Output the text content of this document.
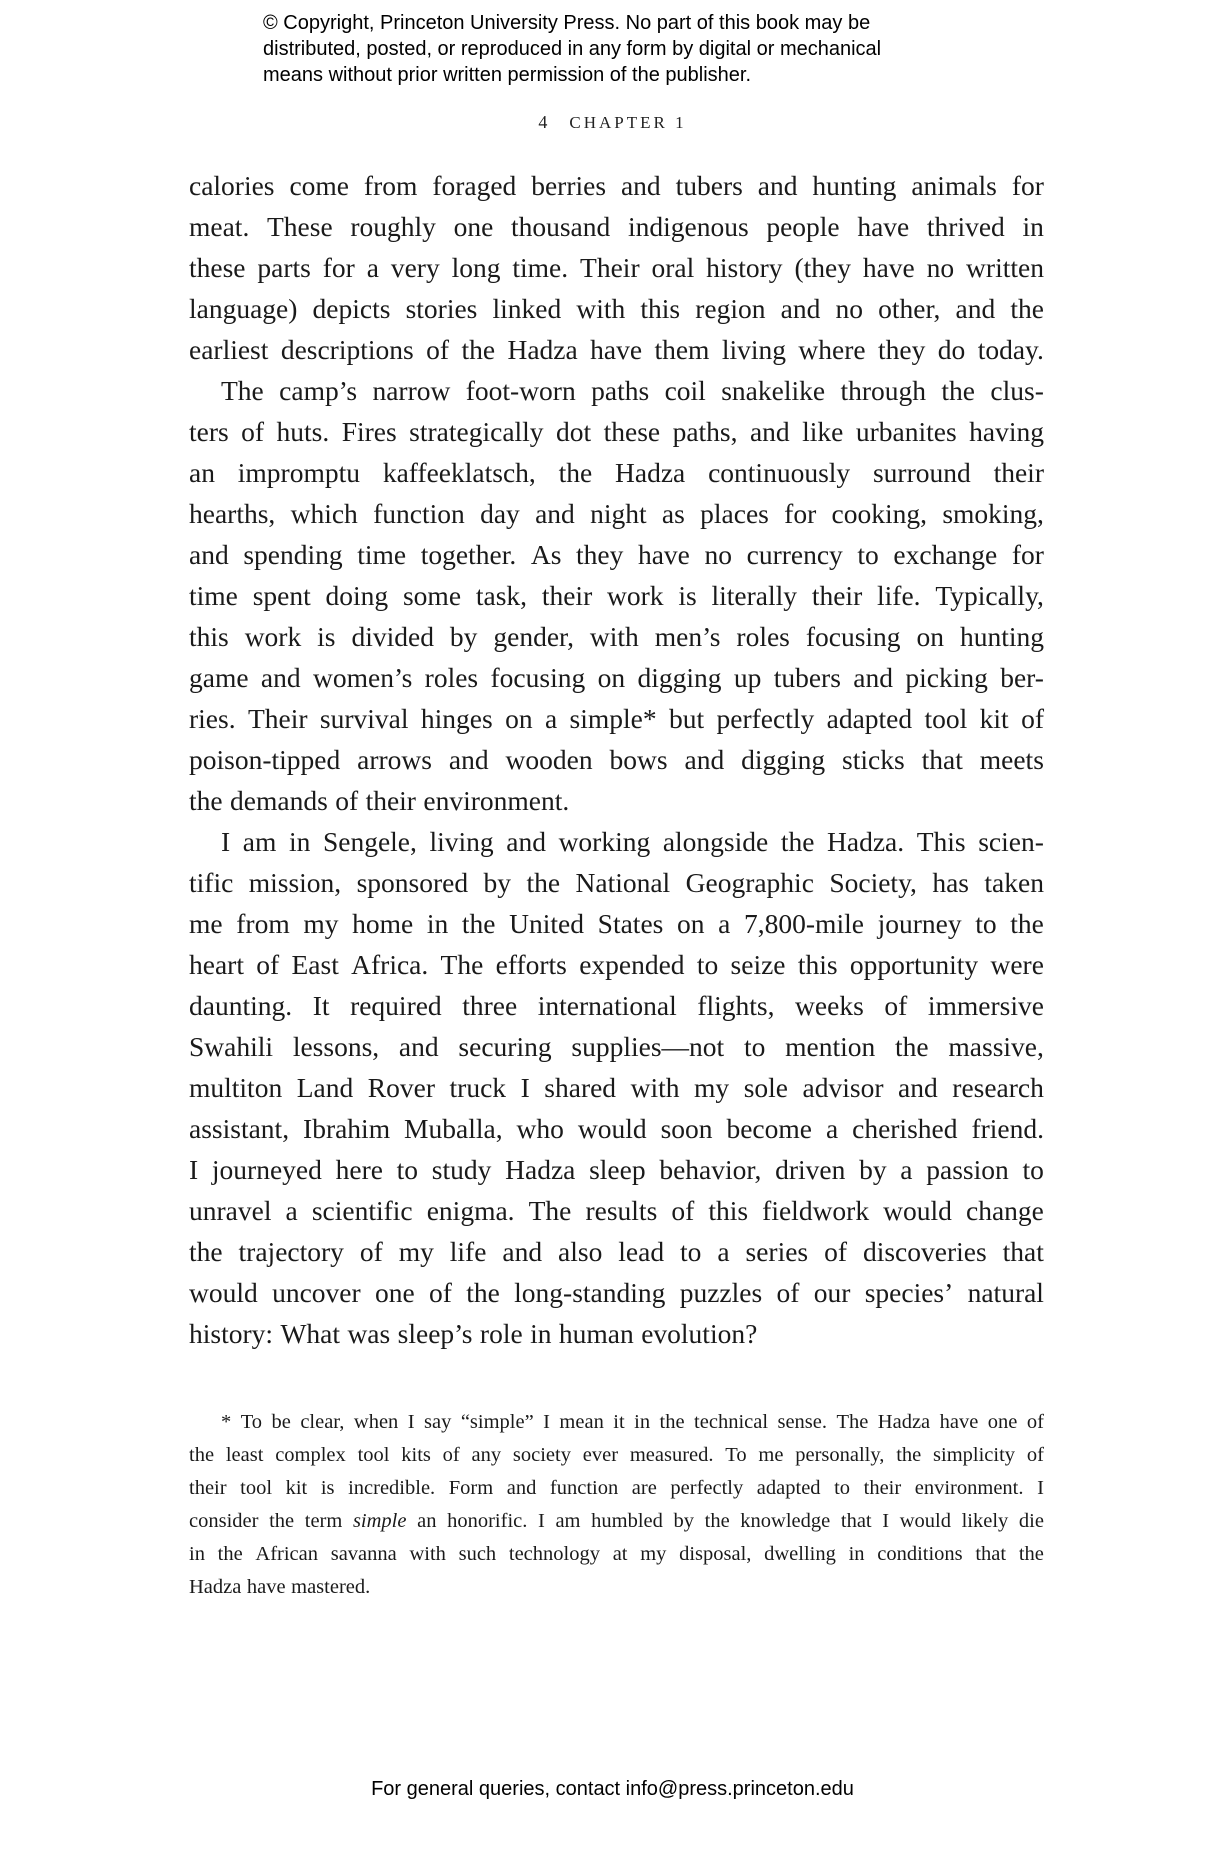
© Copyright, Princeton University Press. No part of this book may be
distributed, posted, or reproduced in any form by digital or mechanical
means without prior written permission of the publisher.
4 CHAPTER 1
calories come from foraged berries and tubers and hunting animals for
meat. These roughly one thousand indigenous people have thrived in
these parts for a very long time. Their oral history (they have no written
language) depicts stories linked with this region and no other, and the
earliest descriptions of the Hadza have them living where they do today.
The camp’s narrow foot-worn paths coil snakelike through the clus-
ters of huts. Fires strategically dot these paths, and like urbanites having
an impromptu kaffeeklatsch, the Hadza continuously surround their
hearths, which function day and night as places for cooking, smoking,
and spending time together. As they have no currency to exchange for
time spent doing some task, their work is literally their life. Typically,
this work is divided by gender, with men’s roles focusing on hunting
game and women’s roles focusing on digging up tubers and picking ber-
ries. Their survival hinges on a simple* but perfectly adapted tool kit of
poison-tipped arrows and wooden bows and digging sticks that meets
the demands of their environment.
I am in Sengele, living and working alongside the Hadza. This scien-
tific mission, sponsored by the National Geographic Society, has taken
me from my home in the United States on a 7,800-mile journey to the
heart of East Africa. The efforts expended to seize this opportunity were
daunting. It required three international flights, weeks of immersive
Swahili lessons, and securing supplies—not to mention the massive,
multiton Land Rover truck I shared with my sole advisor and research
assistant, Ibrahim Muballa, who would soon become a cherished friend.
I journeyed here to study Hadza sleep behavior, driven by a passion to
unravel a scientific enigma. The results of this fieldwork would change
the trajectory of my life and also lead to a series of discoveries that
would uncover one of the long-standing puzzles of our species’ natural
history: What was sleep’s role in human evolution?
* To be clear, when I say “simple” I mean it in the technical sense. The Hadza have one of
the least complex tool kits of any society ever measured. To me personally, the simplicity of
their tool kit is incredible. Form and function are perfectly adapted to their environment. I
consider the term simple an honorific. I am humbled by the knowledge that I would likely die
in the African savanna with such technology at my disposal, dwelling in conditions that the
Hadza have mastered.
For general queries, contact info@press.princeton.edu
